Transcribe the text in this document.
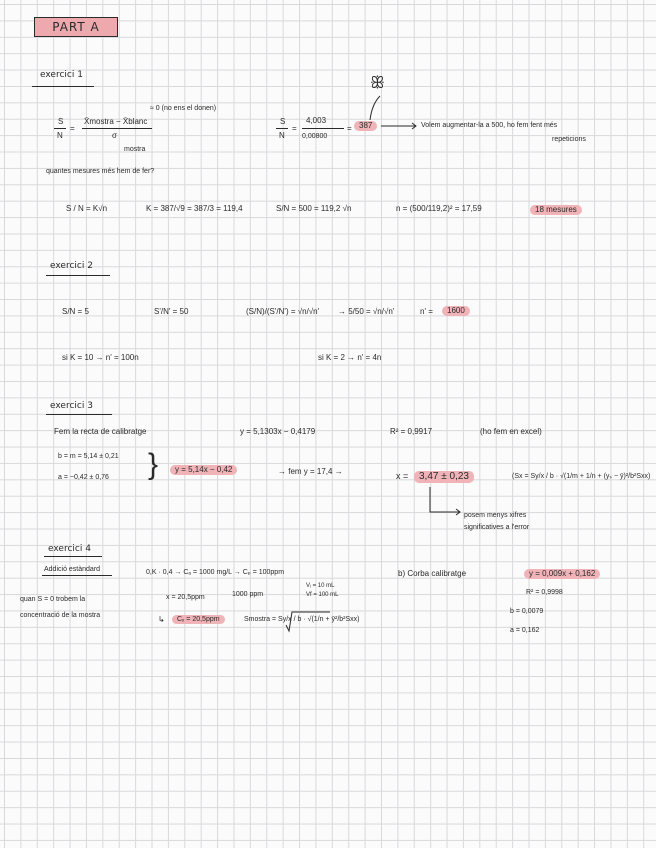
PART A
exercici 1	ꕥ
S
N
=
X̄mostra − X̄blanc
σ
mostra
≈ 0 (no ens el donen)
S
N
=
4,003
0,00800
= 387	Volem augmentar-la a 500, ho fem fent més
repeticions
quantes mesures més hem de fer?
S / N = K√n	K = 387/√9 = 387/3 = 119,4	S/N = 500 = 119,2 √n	n = (500/119,2)² = 17,59	18 mesures
exercici 2
S/N = 5	S'/N' = 50	(S/N)/(S'/N') = √n/√n' → 5/50 = √n/√n'	n' =	1600
si K = 10 → n' = 100n	si K = 2 → n' = 4n
exercici 3
Fem la recta de calibratge	y = 5,1303x − 0,4179	R² = 0,9917	(ho fem en excel)
b = m = 5,14 ± 0,21
a = −0,42 ± 0,76 }	y = 5,14x − 0,42	→ fem y = 17,4 →	x =	3,47 ± 0,23	(Sx = Sy/x / b · √(1/m + 1/n + (yₛ − ȳ)²/b²Sxx)
posem menys xifres
significatives a l'error
exercici 4
Addició estàndard	0,K · 0,4 → Cₐ = 1000 mg/L → Cₚ = 100ppm
Vᵢ = 10 mL
Vf = 100 mL
b) Corba calibratge	y = 0,009x + 0,162
quan S = 0 trobem la
concentració de la mostra
x = 20,5ppm	1000 ppm
↳	Cₓ = 20,5ppm	Smostra = Sy/x / b · √(1/n + ȳ²/b²Sxx)
R² = 0,9998
b = 0,0079
a = 0,162
